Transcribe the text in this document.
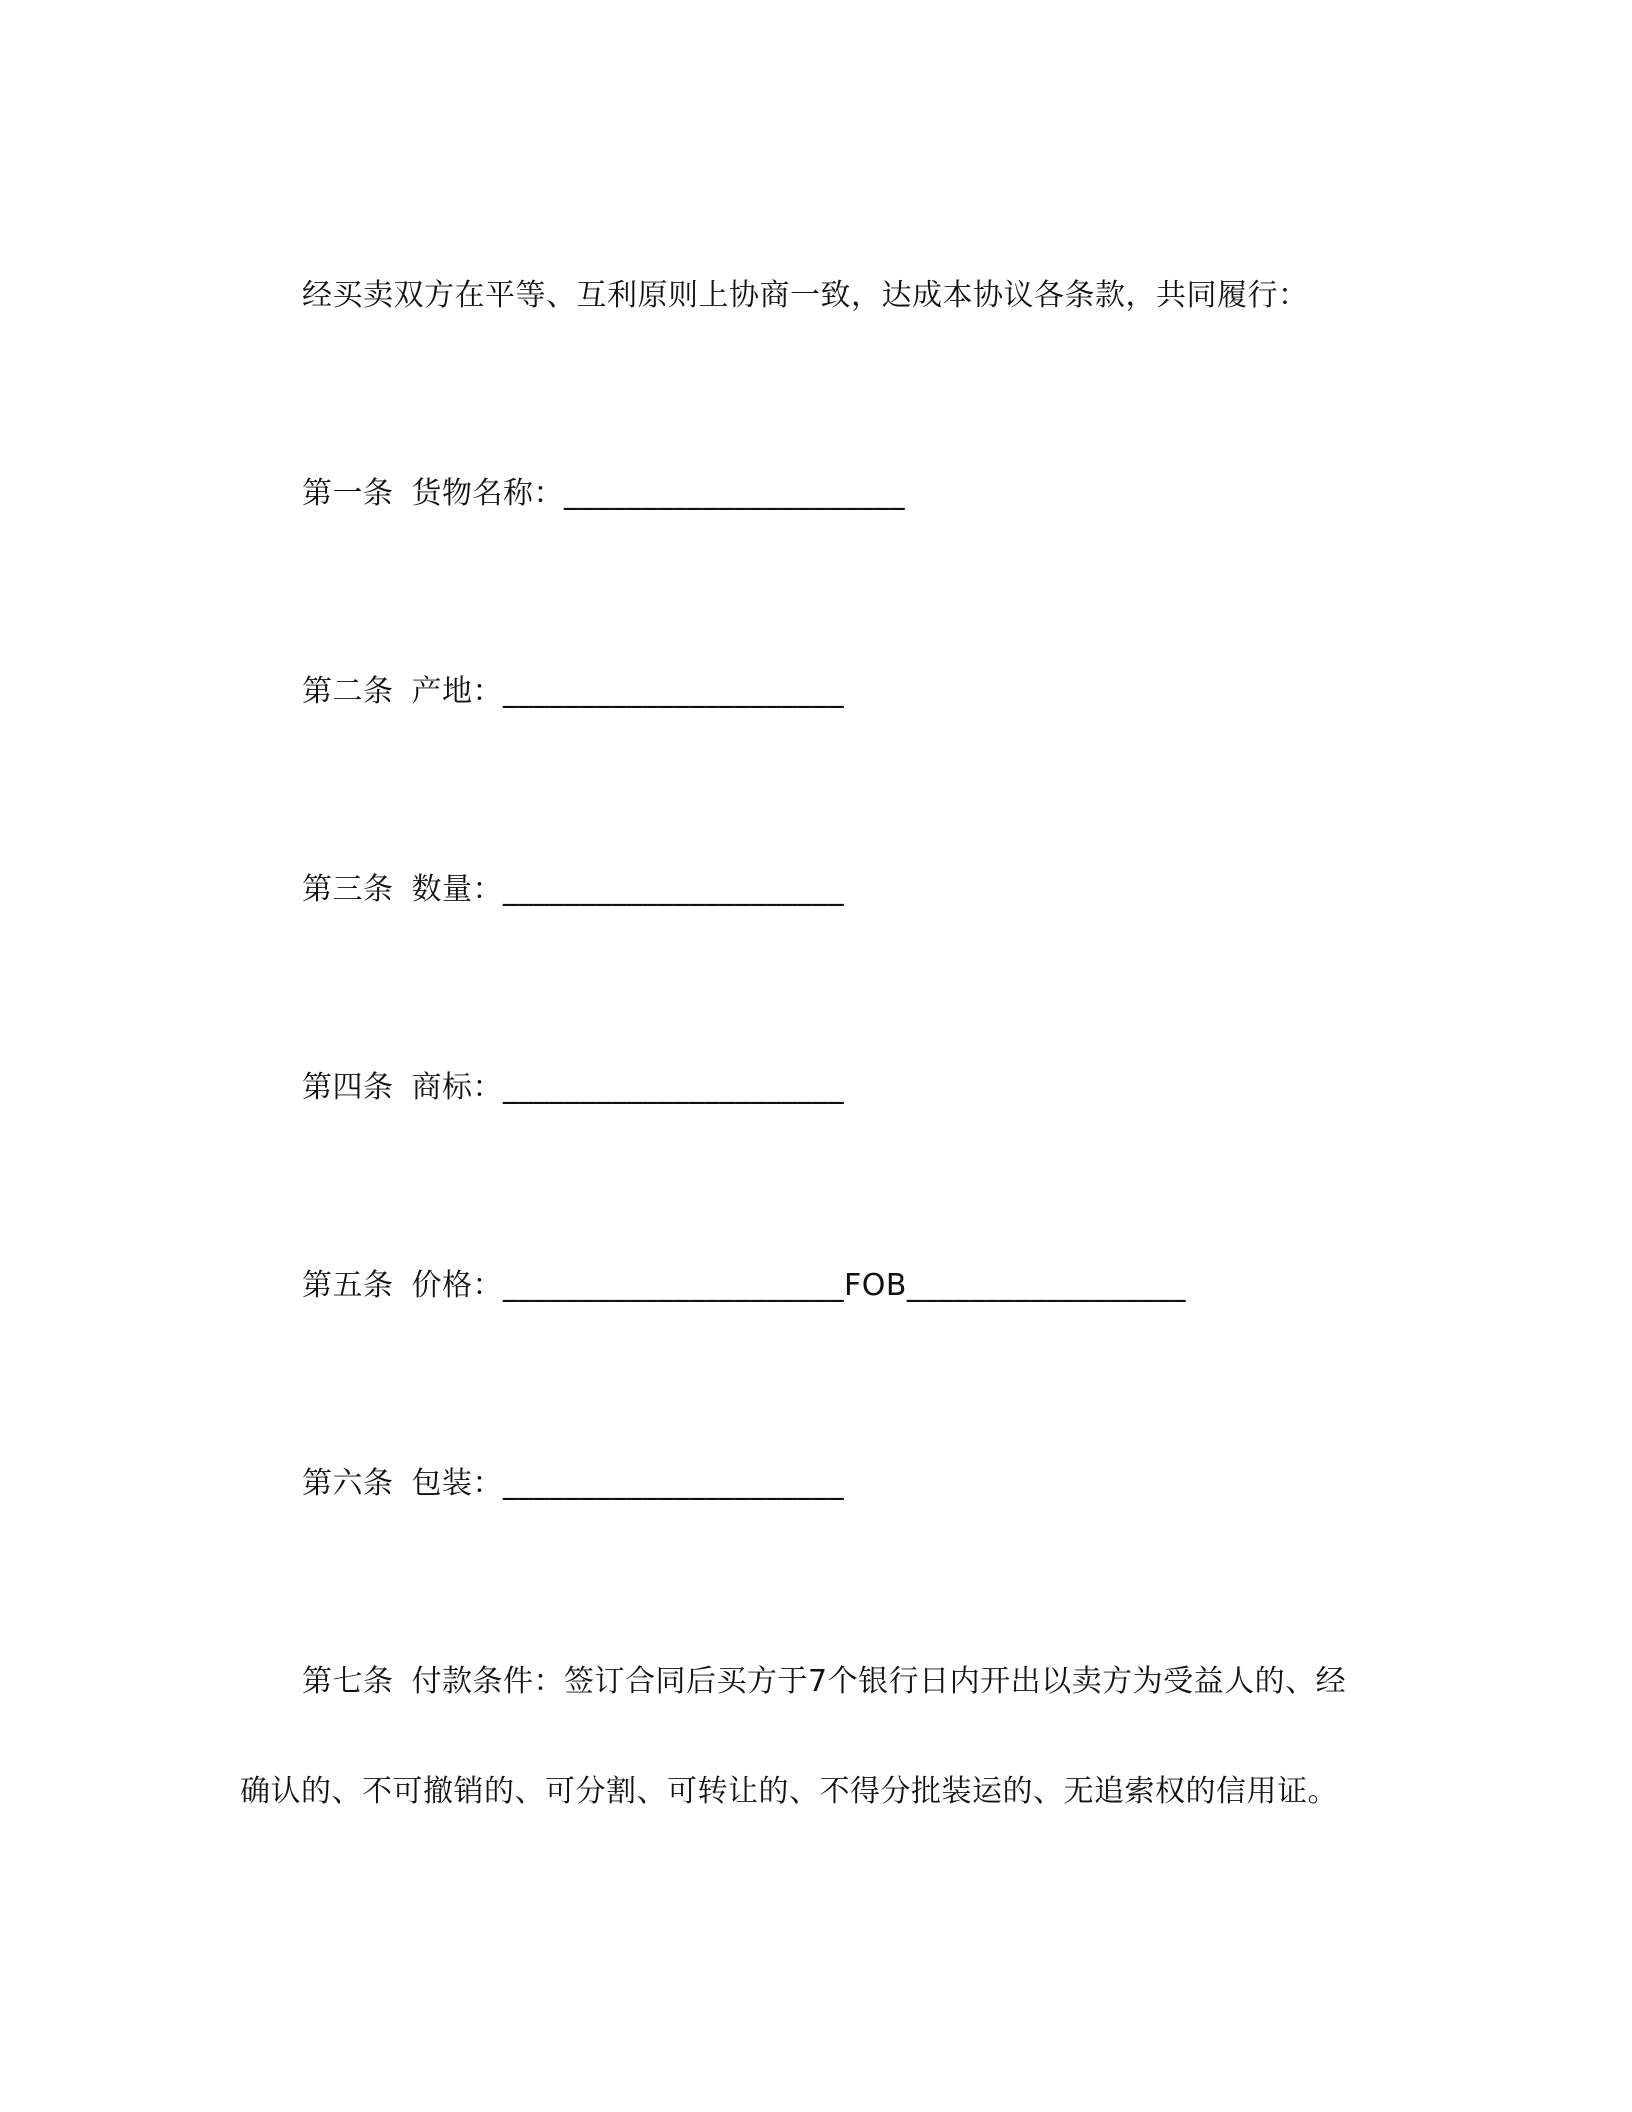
经买卖双方在平等、互利原则上协商一致，达成本协议各条款，共同履行：
第一条 货物名称：______________________
第二条 产地：______________________
第三条 数量：______________________
第四条 商标：______________________
第五条 价格：______________________FOB__________________
第六条 包装：______________________
第七条 付款条件：签订合同后买方于7个银行日内开出以卖方为受益人的、经
确认的、不可撤销的、可分割、可转让的、不得分批装运的、无追索权的信用证。
